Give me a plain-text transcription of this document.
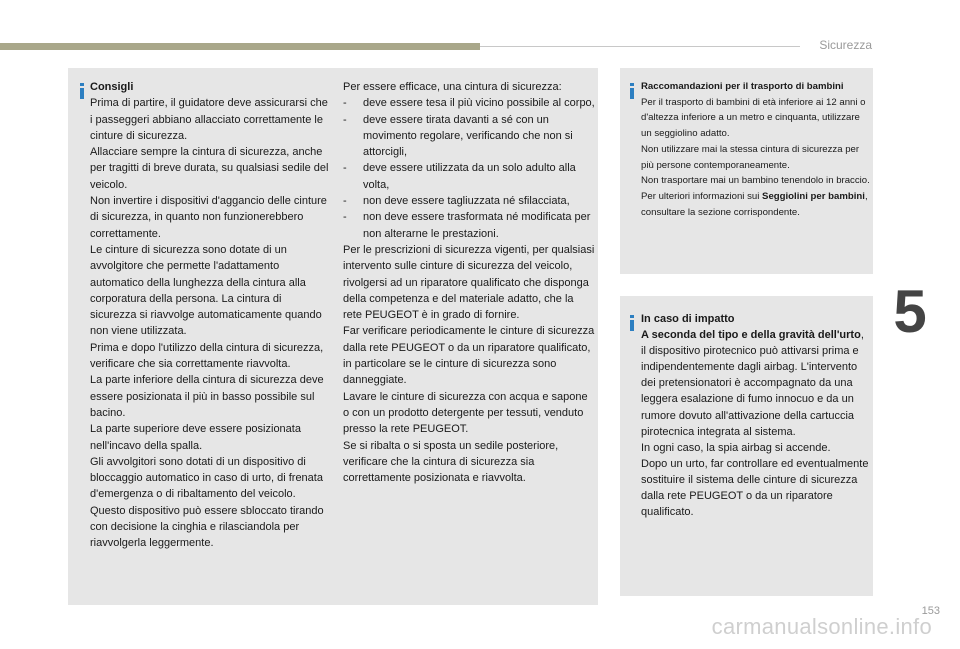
Sicurezza
5

Consigli

Prima di partire, il guidatore deve assicurarsi che i passeggeri abbiano allacciato correttamente le cinture di sicurezza.

Allacciare sempre la cintura di sicurezza, anche per tragitti di breve durata, su qualsiasi sedile del veicolo.

Non invertire i dispositivi d'aggancio delle cinture di sicurezza, in quanto non funzionerebbero correttamente.

Le cinture di sicurezza sono dotate di un avvolgitore che permette l'adattamento automatico della lunghezza della cintura alla corporatura della persona. La cintura di sicurezza si riavvolge automaticamente quando non viene utilizzata.

Prima e dopo l'utilizzo della cintura di sicurezza, verificare che sia correttamente riavvolta.

La parte inferiore della cintura di sicurezza deve essere posizionata il più in basso possibile sul bacino.

La parte superiore deve essere posizionata nell'incavo della spalla.

Gli avvolgitori sono dotati di un dispositivo di bloccaggio automatico in caso di urto, di frenata d'emergenza o di ribaltamento del veicolo. Questo dispositivo può essere sbloccato tirando con decisione la cinghia e rilasciandola per riavvolgerla leggermente.

Per essere efficace, una cintura di sicurezza:

- deve essere tesa il più vicino possibile al corpo,
- deve essere tirata davanti a sé con un movimento regolare, verificando che non si attorcigli,
- deve essere utilizzata da un solo adulto alla volta,
- non deve essere tagliuzzata né sfilacciata,
- non deve essere trasformata né modificata per non alterarne le prestazioni.

Per le prescrizioni di sicurezza vigenti, per qualsiasi intervento sulle cinture di sicurezza del veicolo, rivolgersi ad un riparatore qualificato che disponga della competenza e del materiale adatto, che la rete PEUGEOT è in grado di fornire.

Far verificare periodicamente le cinture di sicurezza dalla rete PEUGEOT o da un riparatore qualificato, in particolare se le cinture di sicurezza sono danneggiate.

Lavare le cinture di sicurezza con acqua e sapone o con un prodotto detergente per tessuti, venduto presso la rete PEUGEOT.

Se si ribalta o si sposta un sedile posteriore, verificare che la cintura di sicurezza sia correttamente posizionata e riavvolta.

Raccomandazioni per il trasporto di bambini

Per il trasporto di bambini di età inferiore ai 12 anni o d'altezza inferiore a un metro e cinquanta, utilizzare un seggiolino adatto.

Non utilizzare mai la stessa cintura di sicurezza per più persone contemporaneamente.

Non trasportare mai un bambino tenendolo in braccio.

Per ulteriori informazioni sui Seggiolini per bambini, consultare la sezione corrispondente.

In caso di impatto

A seconda del tipo e della gravità dell'urto, il dispositivo pirotecnico può attivarsi prima e indipendentemente dagli airbag. L'intervento dei pretensionatori è accompagnato da una leggera esalazione di fumo innocuo e da un rumore dovuto all'attivazione della cartuccia pirotecnica integrata al sistema.

In ogni caso, la spia airbag si accende.

Dopo un urto, far controllare ed eventualmente sostituire il sistema delle cinture di sicurezza dalla rete PEUGEOT o da un riparatore qualificato.

153
carmanualsonline.info
